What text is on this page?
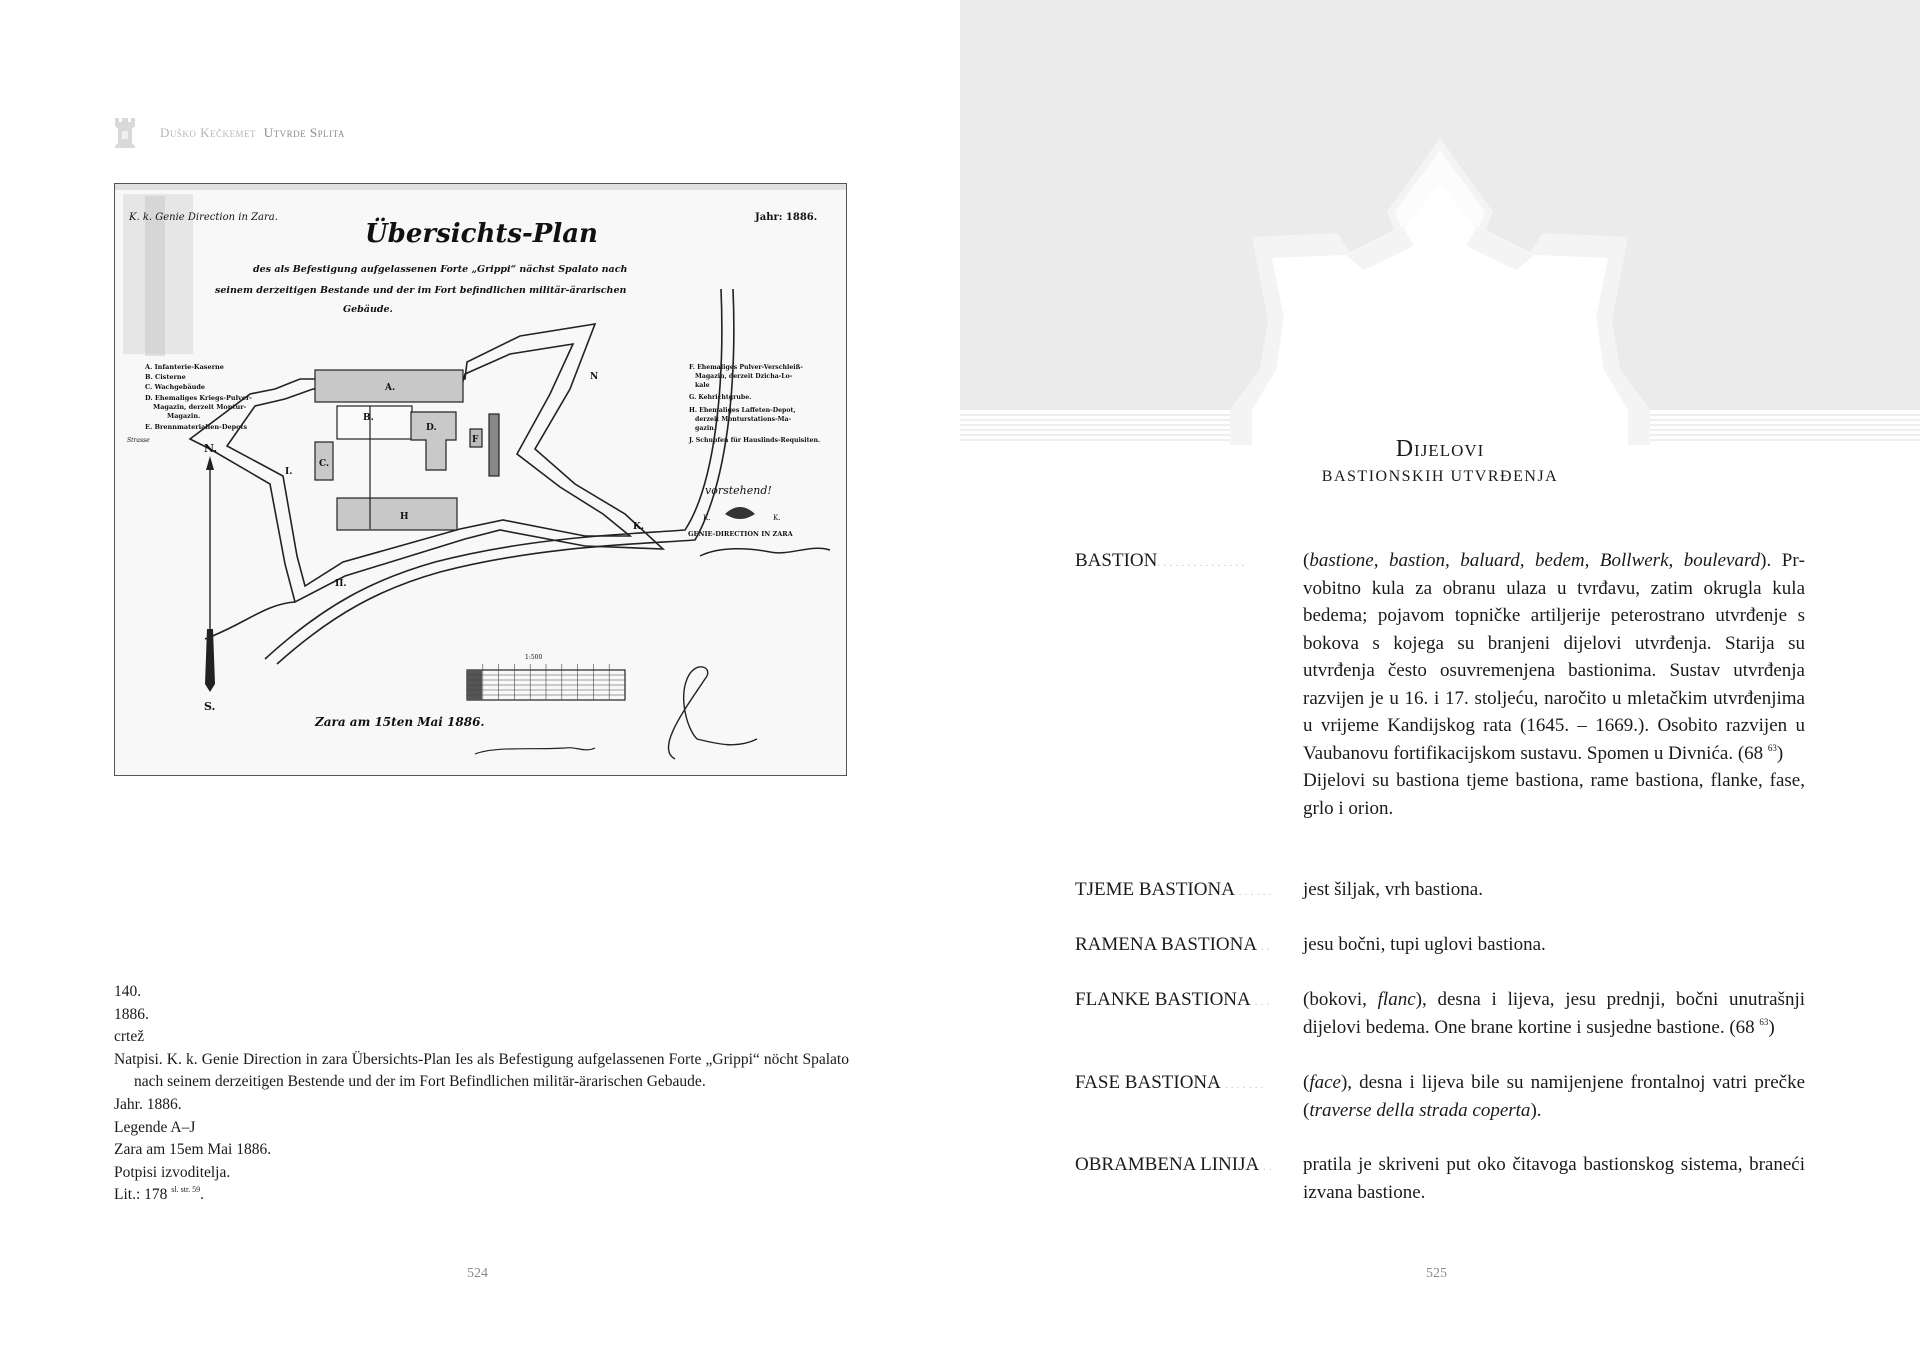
Duško Kečkemet Utvrde Splita
K. k. Genie Direction in Zara.	Jahr: 1886.
Übersichts-Plan
des als Befestigung aufgelassenen Forte „Grippi“ nächst Spalato nach
seinem derzeitigen Bestande und der im Fort befindlichen militär-ärarischen
Gebäude.
A. Infanterie-Kaserne
B. Cisterne
C. Wachgebäude
D. Ehemaliges Kriegs-Pulver-
Magazin, derzeit Montur-
Magazin.
E. Brennmaterialien-Depots
F. Ehemaliges Pulver-Verschleiß-
Magazin, derzeit Dzicha-Lo-
kale
G. Kehrichtgrube.
H. Ehemaliges Laffeten-Depot,
derzeit Monturstations-Ma-
gazin.
J. Schupfen für Hauslinds-Requisiten.
A.
B.
C.
D.
F
H
I.
K.
N
II.
Strasse
N.
S.
vorstehend!
K.	K.
GENIE-DIRECTION IN ZARA
1:500
Zara am 15ten Mai 1886.
140.
1886.
crtež
Natpisi. K. k. Genie Direction in zara Übersichts-Plan Ies als Befestigung aufgelassenen Forte „Grippi“ nöcht Spalato nach seinem derzeitigen Bestende und der im Fort Befindlichen militär-ärarischen Gebaude.
Jahr. 1886.
Legende A–J
Zara am 15em Mai 1886.
Potpisi izvoditelja.
Lit.: 178 $^{sl. str. 59}$.
524
Dijelovi
BASTIONSKIH UTVRĐENJA
BASTION...............	(bastione, bastion, baluard, bedem, Bollwerk, boulevard). Prvobitno kula za obranu ulaza u tvrđavu, zatim okrugla kula bedema; pojavom topničke artiljerije peterostrano utvrđenje s bokova s kojega su branjeni dijelovi utvrđenja. Starija su utvrđenja često osuvremenjena bastionima. Sustav utvrđenja razvijen je u 16. i 17. stoljeću, naročito u mletačkim utvrđenjima u vrijeme Kandijskog rata (1645. – 1669.). Osobito razvijen u Vaubanovu fortifikacijskom sustavu. Spomen u Divnića. (68 $^{63}$)
Dijelovi su bastiona tjeme bastiona, rame bastiona, flanke, fase, grlo i orion.
TJEME BASTIONA ......	jest šiljak, vrh bastiona.
RAMENA BASTIONA ..	jesu bočni, tupi uglovi bastiona.
FLANKE BASTIONA ...	(bokovi, flanc), desna i lijeva, jesu prednji, bočni unutrašnji dijelovi bedema. One brane kortine i susjedne bastione. (68 $^{63}$)
FASE BASTIONA .......	(face), desna i lijeva bile su namijenjene frontalnoj vatri prečke (traverse della strada coperta).
OBRAMBENA LINIJA ..	pratila je skriveni put oko čitavoga bastionskog sistema, braneći izvana bastione.
525
